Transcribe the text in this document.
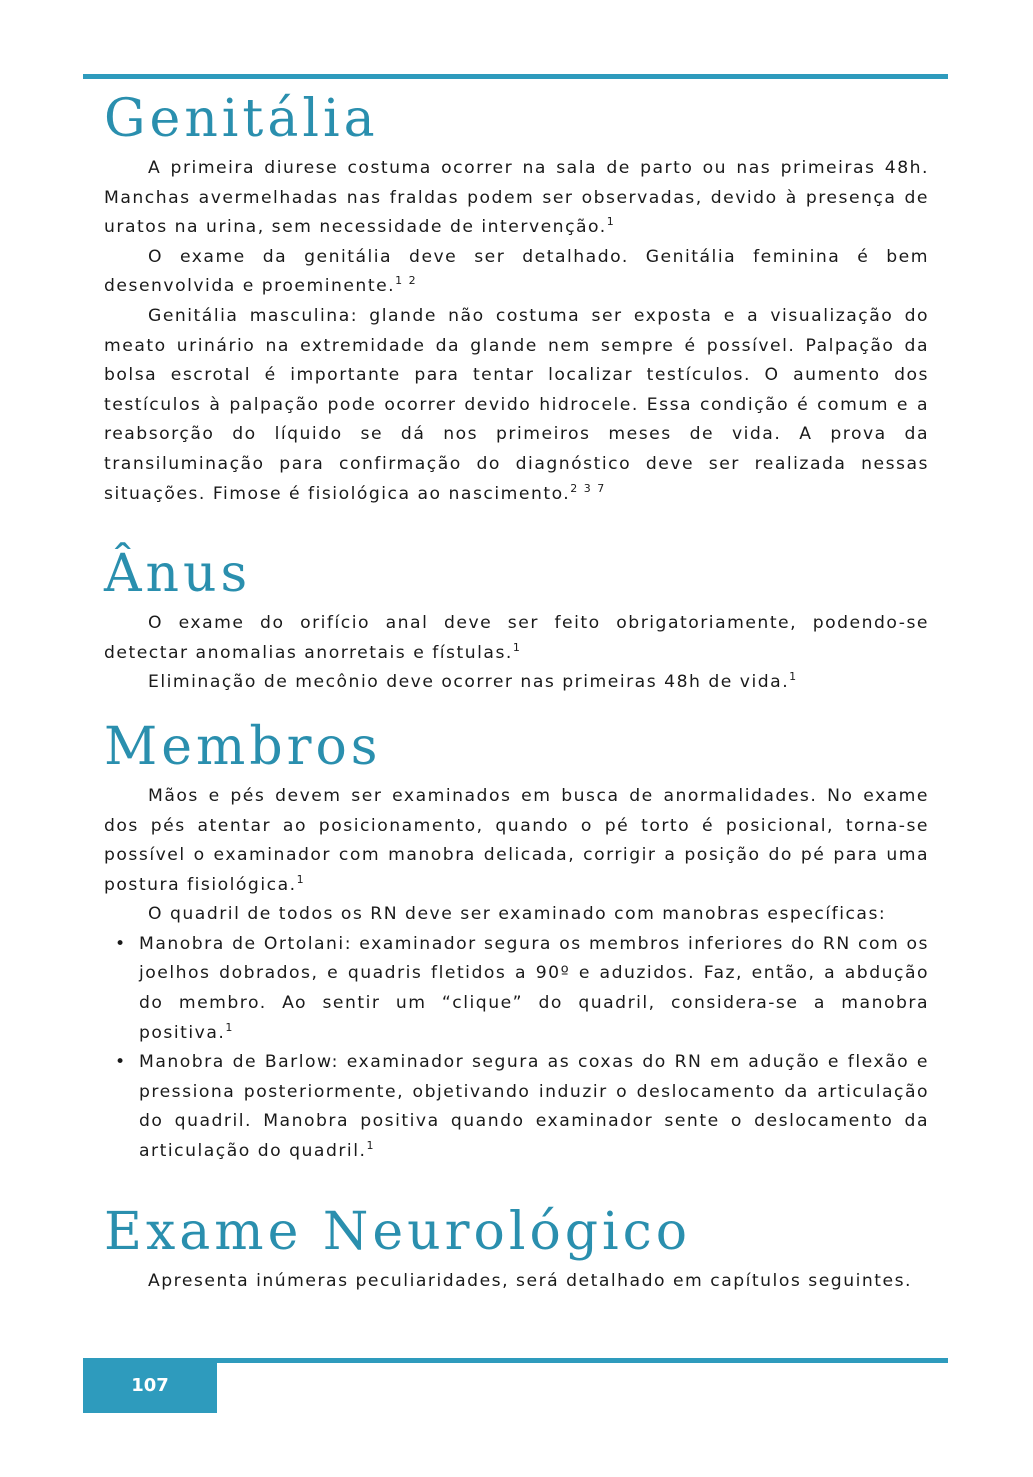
Genitália

A primeira diurese costuma ocorrer na sala de parto ou nas primeiras 48h. Manchas avermelhadas nas fraldas podem ser observadas, devido à presença de uratos na urina, sem necessidade de intervenção.$^1$

O exame da genitália deve ser detalhado. Genitália feminina é bem desenvolvida e proeminente.$^{1 2}$

Genitália masculina: glande não costuma ser exposta e a visualização do meato urinário na extremidade da glande nem sempre é possível. Palpação da bolsa escrotal é importante para tentar localizar testículos. O aumento dos testículos à palpação pode ocorrer devido hidrocele. Essa condição é comum e a reabsorção do líquido se dá nos primeiros meses de vida. A prova da transiluminação para confirmação do diagnóstico deve ser realizada nessas situações. Fimose é fisiológica ao nascimento.$^{2 3 7}$

Ânus

O exame do orifício anal deve ser feito obrigatoriamente, podendo-se detectar anomalias anorretais e fístulas.$^1$

Eliminação de mecônio deve ocorrer nas primeiras 48h de vida.$^1$

Membros

Mãos e pés devem ser examinados em busca de anormalidades. No exame dos pés atentar ao posicionamento, quando o pé torto é posicional, torna-se possível o examinador com manobra delicada, corrigir a posição do pé para uma postura fisiológica.$^1$

O quadril de todos os RN deve ser examinado com manobras específicas:

• Manobra de Ortolani: examinador segura os membros inferiores do RN com os joelhos dobrados, e quadris fletidos a 90º e aduzidos. Faz, então, a abdução do membro. Ao sentir um “clique” do quadril, considera-se a manobra positiva.$^1$
• Manobra de Barlow: examinador segura as coxas do RN em adução e flexão e pressiona posteriormente, objetivando induzir o deslocamento da articulação do quadril. Manobra positiva quando examinador sente o deslocamento da articulação do quadril.$^1$
Exame Neurológico

Apresenta inúmeras peculiaridades, será detalhado em capítulos seguintes.

107
